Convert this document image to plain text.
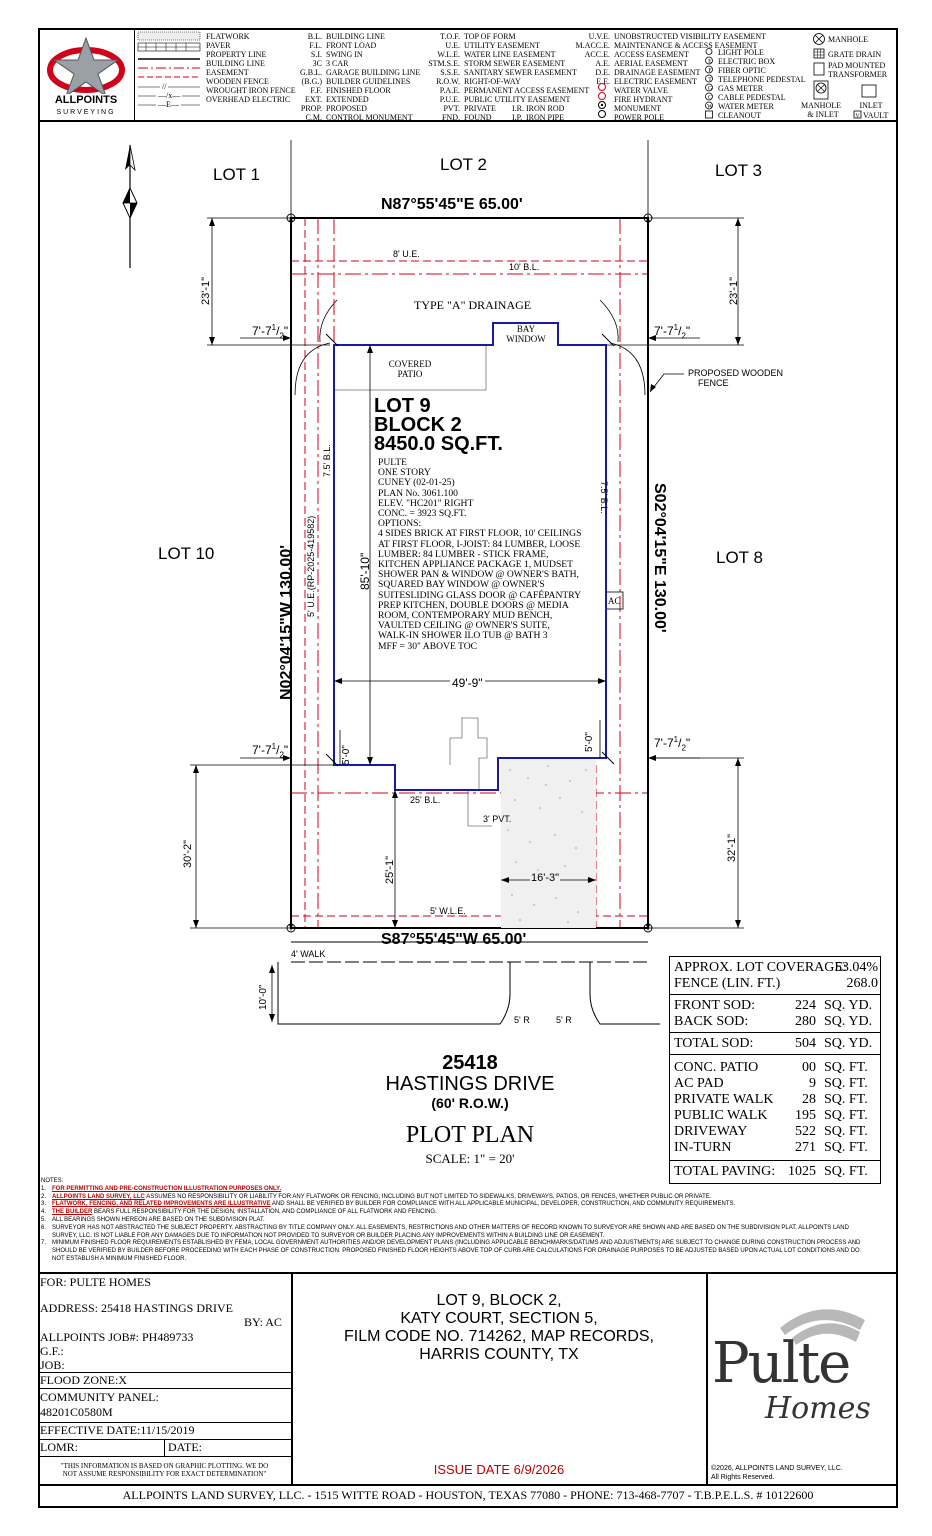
ALLPOINTS
SURVEYING
//
—/x—
—E—
FLATWORK
PAVER
PROPERTY LINE
BUILDING LINE
EASEMENT
WOODEN FENCE
WROUGHT IRON FENCE
OVERHEAD ELECTRIC
B.L. BUILDING LINE
F.L. FRONT LOAD
S.I. SWING IN
3C 3 CAR
G.B.L. GARAGE BUILDING LINE
(B.G.) BUILDER GUIDELINES
F.F. FINISHED FLOOR
EXT. EXTENDED
PROP. PROPOSED
C.M. CONTROL MONUMENT
T.O.F. TOP OF FORM
U.E. UTILITY EASEMENT
W.L.E. WATER LINE EASEMENT
STM.S.E. STORM SEWER EASEMENT
S.S.E. SANITARY SEWER EASEMENT
R.O.W. RIGHT-OF-WAY
P.A.E. PERMANENT ACCESS EASEMENT
P.U.E. PUBLIC UTILITY EASEMENT
PVT. PRIVATE I.R. IRON ROD
FND. FOUND	I.P. IRON PIPE
U.V.E. UNOBSTRUCTED VISIBILITY EASEMENT
M.ACC.E. MAINTENANCE & ACCESS EASEMENT
ACC.E. ACCESS EASEMENT
A.E. AERIAL EASEMENT
D.E. DRAINAGE EASEMENT
E.E. ELECTRIC EASEMENT
WATER VALVE
FIRE HYDRANT
MONUMENT
POWER POLE
LIGHT POLE
E ELECTRIC BOX
F FIBER OPTIC
T TELEPHONE PEDESTAL
G GAS METER
C CABLE PEDESTAL
W WATER METER
CLEANOUT
MANHOLE
GRATE DRAIN
PAD MOUNTED
TRANSFORMER
MANHOLE
& INLET
INLET
V VAULT
LOT 1
LOT 2	LOT 3
LOT 10	LOT 8
N87°55'45"E 65.00'
S87°55'45"W 65.00'
N02°04'15"W 130.00'	S02°04'15"E 130.00'
23'-1"	23'-1"
$7'-7^1/_2$"	$7'-7^1/_2$"
$7'-7^1/_2$"	$7'-7^1/_2$"
30'-2"	32'-1"
85'-10"
49'-9"
5'-0"
5'-0"
25'-1"	16'-3"
10'-0"
8' U.E.
10' B.L.
7.5' B.L.
7.5' B.L.
5' U.E.(RP-2025-419582)
25' B.L.
5' W.L.E.
3' PVT.
4' WALK
5' R	5' R
TYPE "A" DRAINAGE
BAY
WINDOW
COVERED
PATIO	PROPOSED WOODEN
FENCE
AC
LOT 9
BLOCK 2
8450.0 SQ.FT.
PULTE
ONE STORY
CUNEY (02-01-25)
PLAN No. 3061.100
ELEV. "HC201" RIGHT
CONC. = 3923 SQ.FT.
OPTIONS:
4 SIDES BRICK AT FIRST FLOOR, 10' CEILINGS
AT FIRST FLOOR, I-JOIST: 84 LUMBER, LOOSE
LUMBER: 84 LUMBER - STICK FRAME,
KITCHEN APPLIANCE PACKAGE 1, MUDSET
SHOWER PAN & WINDOW @ OWNER'S BATH,
SQUARED BAY WINDOW @ OWNER'S
SUITESLIDING GLASS DOOR @ CAFÉPANTRY
PREP KITCHEN, DOUBLE DOORS @ MEDIA
ROOM, CONTEMPORARY MUD BENCH,
VAULTED CEILING @ OWNER'S SUITE,
WALK-IN SHOWER ILO TUB @ BATH 3
MFF = 30" ABOVE TOC
25418
HASTINGS DRIVE
(60' R.O.W.)
PLOT PLAN
SCALE: 1" = 20'
APPROX. LOT COVERAGE:
53.04%
FENCE (LIN. FT.)	268.0
FRONT SOD:	224 SQ. YD.
BACK SOD:	280 SQ. YD.
TOTAL SOD:	504 SQ. YD.
CONC. PATIO	00 SQ. FT.
AC PAD	9 SQ. FT.
PRIVATE WALK 28 SQ. FT.
PUBLIC WALK 195 SQ. FT.
DRIVEWAY	522 SQ. FT.
IN-TURN	271 SQ. FT.
TOTAL PAVING: 1025 SQ. FT.
NOTES:
1. FOR PERMITTING AND PRE-CONSTRUCTION ILLUSTRATION PURPOSES ONLY.
2. ALLPOINTS LAND SURVEY, LLC ASSUMES NO RESPONSIBILITY OR LIABILITY FOR ANY FLATWORK OR FENCING, INCLUDING BUT NOT LIMITED TO SIDEWALKS, DRIVEWAYS, PATIOS, OR FENCES, WHETHER PUBLIC OR PRIVATE.
3. FLATWORK, FENCING, AND RELATED IMPROVEMENTS ARE ILLUSTRATIVE AND SHALL BE VERIFIED BY BUILDER FOR COMPLIANCE WITH ALL APPLICABLE MUNICIPAL, DEVELOPER, CONSTRUCTION, AND COMMUNITY REQUIREMENTS.
4. THE BUILDER BEARS FULL RESPONSIBILITY FOR THE DESIGN, INSTALLATION, AND COMPLIANCE OF ALL FLATWORK AND FENCING.
5. ALL BEARINGS SHOWN HEREON ARE BASED ON THE SUBDIVISION PLAT.
6. SURVEYOR HAS NOT ABSTRACTED THE SUBJECT PROPERTY. ABSTRACTING BY TITLE COMPANY ONLY. ALL EASEMENTS, RESTRICTIONS AND OTHER MATTERS OF RECORD KNOWN TO SURVEYOR ARE SHOWN AND ARE BASED ON THE SUBDIVISION PLAT. ALLPOINTS LAND
SURVEY, LLC. IS NOT LIABLE FOR ANY DAMAGES DUE TO INFORMATION NOT PROVIDED TO SURVEYOR OR BUILDER PLACING ANY IMPROVEMENTS WITHIN A BUILDING LINE OR EASEMENT.
7. MINIMUM FINISHED FLOOR REQUIREMENTS ESTABLISHED BY FEMA, LOCAL GOVERNMENT AUTHORITIES AND/OR DEVELOPMENT PLANS (INCLUDING APPLICABLE BENCHMARKS/DATUMS AND ADJUSTMENTS) ARE SUBJECT TO CHANGE DURING CONSTRUCTION PROCESS AND
SHOULD BE VERIFIED BY BUILDER BEFORE PROCEEDING WITH EACH PHASE OF CONSTRUCTION. PROPOSED FINISHED FLOOR HEIGHTS ABOVE TOP OF CURB ARE CALCULATIONS FOR DRAINAGE PURPOSES TO BE ADJUSTED BASED UPON ACTUAL LOT CONDITIONS AND DO
NOT ESTABLISH A MINIMUM FINISHED FLOOR.
FOR: PULTE HOMES
ADDRESS: 25418 HASTINGS DRIVE
BY: AC
ALLPOINTS JOB#: PH489733
G.F.:
JOB:
FLOOD ZONE:X
COMMUNITY PANEL:
48201C0580M
EFFECTIVE DATE:11/15/2019
LOMR:	DATE:
"THIS INFORMATION IS BASED ON GRAPHIC PLOTTING. WE DO
NOT ASSUME RESPONSIBILITY FOR EXACT DETERMINATION"
LOT 9, BLOCK 2,
KATY COURT, SECTION 5,
FILM CODE NO. 714262, MAP RECORDS,
HARRIS COUNTY, TX
ISSUE DATE 6/9/2026
Pulte
Homes
©2026, ALLPOINTS LAND SURVEY, LLC.
All Rights Reserved.
ALLPOINTS LAND SURVEY, LLC. - 1515 WITTE ROAD - HOUSTON, TEXAS 77080 - PHONE: 713-468-7707 - T.B.P.E.L.S. # 10122600
